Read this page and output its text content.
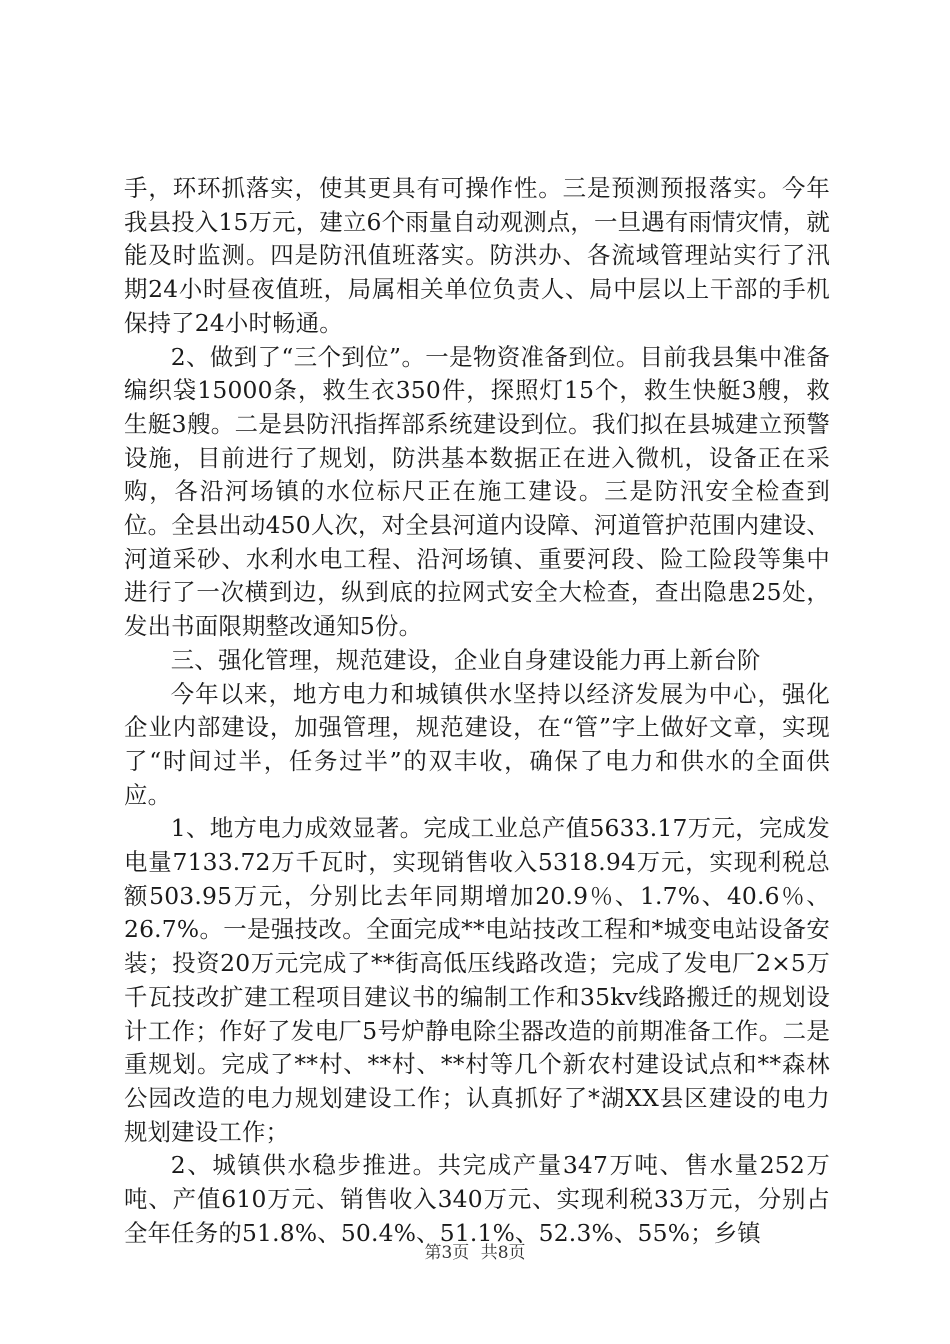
手，环环抓落实，使其更具有可操作性。三是预测预报落实。今年我县投入15万元，建立6个雨量自动观测点，一旦遇有雨情灾情，就能及时监测。四是防汛值班落实。防洪办、各流域管理站实行了汛期24小时昼夜值班，局属相关单位负责人、局中层以上干部的手机保持了24小时畅通。

2、做到了“三个到位”。一是物资准备到位。目前我县集中准备编织袋15000条，救生衣350件，探照灯15个，救生快艇3艘，救生艇3艘。二是县防汛指挥部系统建设到位。我们拟在县城建立预警设施，目前进行了规划，防洪基本数据正在进入微机，设备正在采购，各沿河场镇的水位标尺正在施工建设。三是防汛安全检查到位。全县出动450人次，对全县河道内设障、河道管护范围内建设、河道采砂、水利水电工程、沿河场镇、重要河段、险工险段等集中进行了一次横到边，纵到底的拉网式安全大检查，查出隐患25处，发出书面限期整改通知5份。

三、强化管理，规范建设，企业自身建设能力再上新台阶

今年以来，地方电力和城镇供水坚持以经济发展为中心，强化企业内部建设，加强管理，规范建设，在“管”字上做好文章，实现了“时间过半，任务过半”的双丰收，确保了电力和供水的全面供应。

1、地方电力成效显著。完成工业总产值5633.17万元，完成发电量7133.72万千瓦时，实现销售收入5318.94万元，实现利税总额503.95万元，分别比去年同期增加20.9％、1.7%、40.6％、26.7%。一是强技改。全面完成**电站技改工程和*城变电站设备安装；投资20万元完成了**街高低压线路改造；完成了发电厂2×5万千瓦技改扩建工程项目建议书的编制工作和35kv线路搬迁的规划设计工作；作好了发电厂5号炉静电除尘器改造的前期准备工作。二是重规划。完成了**村、**村、**村等几个新农村建设试点和**森林公园改造的电力规划建设工作；认真抓好了*湖XX县区建设的电力规划建设工作；

2、城镇供水稳步推进。共完成产量347万吨、售水量252万吨、产值610万元、销售收入340万元、实现利税33万元，分别占全年任务的51.8%、50.4%、51.1%、52.3%、55%；乡镇

第3页 共8页
